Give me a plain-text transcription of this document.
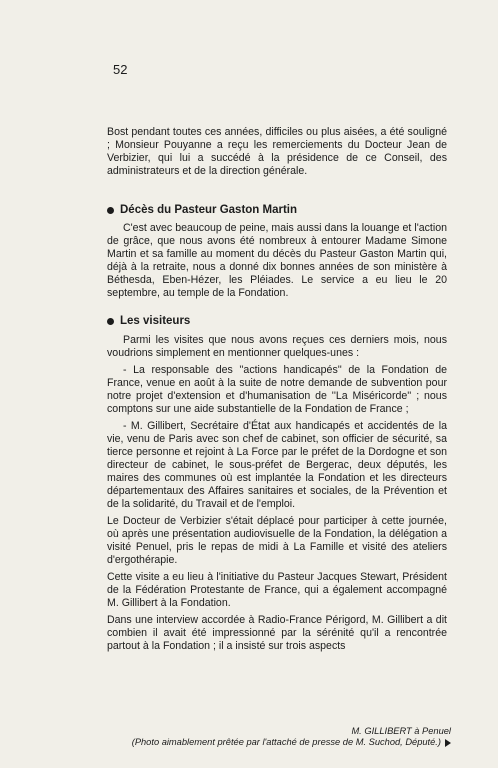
52

Bost pendant toutes ces années, difficiles ou plus aisées, a été souligné ; Monsieur Pouyanne a reçu les remerciements du Docteur Jean de Verbizier, qui lui a succédé à la présidence de ce Conseil, des administrateurs et de la direction générale.

Décès du Pasteur Gaston Martin

C'est avec beaucoup de peine, mais aussi dans la louange et l'action de grâce, que nous avons été nombreux à entourer Madame Simone Martin et sa famille au moment du décès du Pasteur Gaston Martin qui, déjà à la retraite, nous a donné dix bonnes années de son ministère à Béthesda, Eben-Hézer, les Pléiades. Le service a eu lieu le 20 septembre, au temple de la Fondation.

Les visiteurs

Parmi les visites que nous avons reçues ces derniers mois, nous voudrions simplement en mentionner quelques-unes :

- La responsable des ''actions handicapés'' de la Fondation de France, venue en août à la suite de notre demande de subvention pour notre projet d'extension et d'humanisation de ''La Miséricorde'' ; nous comptons sur une aide substantielle de la Fondation de France ;

- M. Gillibert, Secrétaire d'État aux handicapés et accidentés de la vie, venu de Paris avec son chef de cabinet, son officier de sécurité, sa tierce personne et rejoint à La Force par le préfet de la Dordogne et son directeur de cabinet, le sous-préfet de Bergerac, deux députés, les maires des communes où est implantée la Fondation et les directeurs départementaux des Affaires sanitaires et sociales, de la Prévention et de la solidarité, du Travail et de l'emploi.

Le Docteur de Verbizier s'était déplacé pour participer à cette journée, où après une présentation audiovisuelle de la Fondation, la délégation a visité Penuel, pris le repas de midi à La Famille et visité des ateliers d'ergothérapie.

Cette visite a eu lieu à l'initiative du Pasteur Jacques Stewart, Président de la Fédération Protestante de France, qui a également accompagné M. Gillibert à la Fondation.

Dans une interview accordée à Radio-France Périgord, M. Gillibert a dit combien il avait été impressionné par la sérénité qu'il a rencontrée partout à la Fondation ; il a insisté sur trois aspects

M. GILLIBERT à Penuel
(Photo aimablement prêtée par l'attaché de presse de M. Suchod, Député.)
